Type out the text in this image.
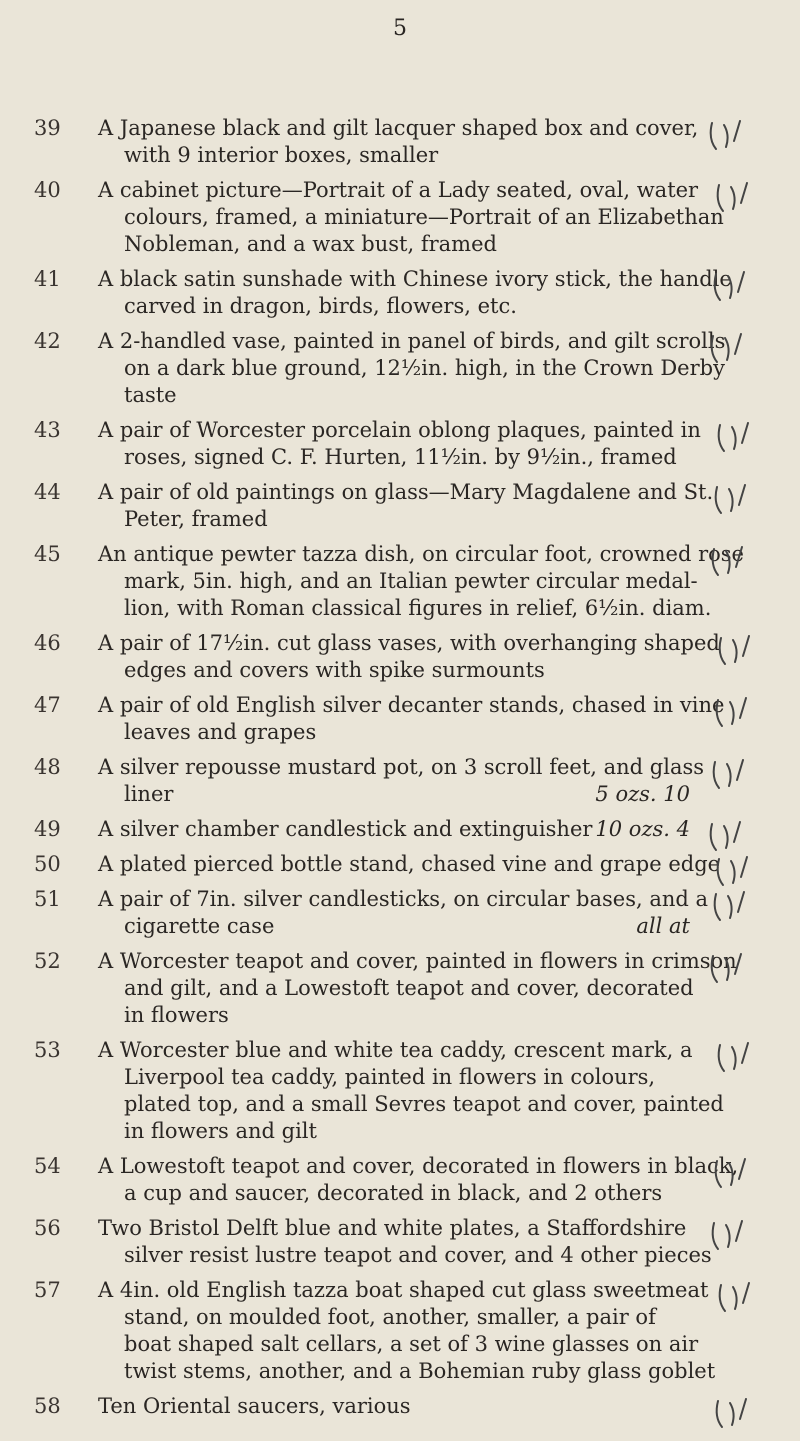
5
39 A Japanese black and gilt lacquer shaped box and cover,
with 9 interior boxes, smaller
40 A cabinet picture—Portrait of a Lady seated, oval, water
colours, framed, a miniature—Portrait of an Elizabethan
Nobleman, and a wax bust, framed
41 A black satin sunshade with Chinese ivory stick, the handle
carved in dragon, birds, flowers, etc.
42 A 2-handled vase, painted in panel of birds, and gilt scrolls
on a dark blue ground, 12½in. high, in the Crown Derby
taste
43 A pair of Worcester porcelain oblong plaques, painted in
roses, signed C. F. Hurten, 11½in. by 9½in., framed
44 A pair of old paintings on glass—Mary Magdalene and St.
Peter, framed
45 An antique pewter tazza dish, on circular foot, crowned rose
mark, 5in. high, and an Italian pewter circular medal-
lion, with Roman classical figures in relief, 6½in. diam.
46 A pair of 17½in. cut glass vases, with overhanging shaped
edges and covers with spike surmounts
47 A pair of old English silver decanter stands, chased in vine
leaves and grapes
48 A silver repousse mustard pot, on 3 scroll feet, and glass
liner	5 ozs. 10
49 A silver chamber candlestick and extinguisher 10 ozs. 4
50 A plated pierced bottle stand, chased vine and grape edge
51 A pair of 7in. silver candlesticks, on circular bases, and a
cigarette case	all at
52 A Worcester teapot and cover, painted in flowers in crimson
and gilt, and a Lowestoft teapot and cover, decorated
in flowers
53 A Worcester blue and white tea caddy, crescent mark, a
Liverpool tea caddy, painted in flowers in colours,
plated top, and a small Sevres teapot and cover, painted
in flowers and gilt
54 A Lowestoft teapot and cover, decorated in flowers in black,
a cup and saucer, decorated in black, and 2 others
56 Two Bristol Delft blue and white plates, a Staffordshire
silver resist lustre teapot and cover, and 4 other pieces
57 A 4in. old English tazza boat shaped cut glass sweetmeat
stand, on moulded foot, another, smaller, a pair of
boat shaped salt cellars, a set of 3 wine glasses on air
twist stems, another, and a Bohemian ruby glass goblet
58 Ten Oriental saucers, various
